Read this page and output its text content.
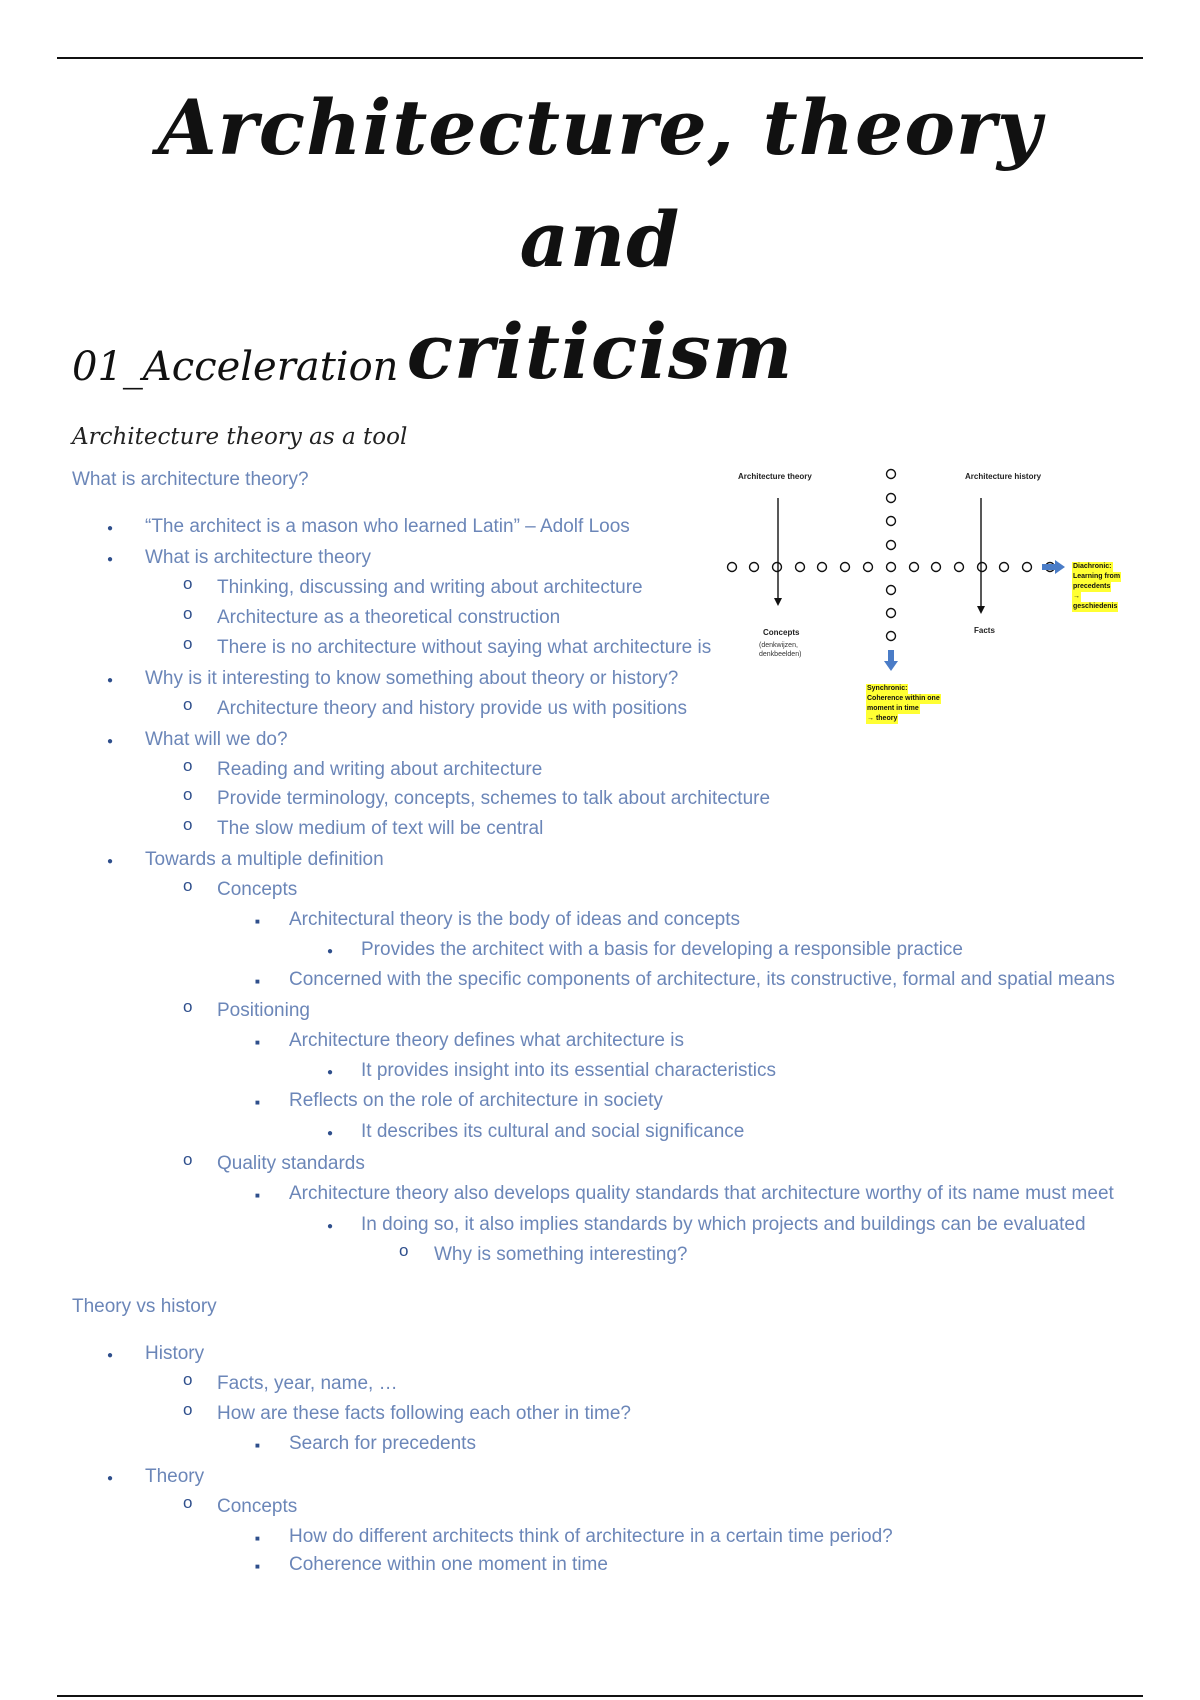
Architecture, theory and
criticism
01_Acceleration
Architecture theory as a tool
What is architecture theory?
●
“The architect is a mason who learned Latin” – Adolf Loos
●
What is architecture theory
o
Thinking, discussing and writing about architecture
o
Architecture as a theoretical construction
o
There is no architecture without saying what architecture is
●
Why is it interesting to know something about theory or history?
o
Architecture theory and history provide us with positions
●
What will we do?
o
Reading and writing about architecture
o
Provide terminology, concepts, schemes to talk about architecture
o
The slow medium of text will be central
●
Towards a multiple definition
o
Concepts
■
Architectural theory is the body of ideas and concepts
●
Provides the architect with a basis for developing a responsible practice
■
Concerned with the specific components of architecture, its constructive, formal and spatial means
o
Positioning
■
Architecture theory defines what architecture is
●
It provides insight into its essential characteristics
■
Reflects on the role of architecture in society
●
It describes its cultural and social significance
o
Quality standards
■
Architecture theory also develops quality standards that architecture worthy of its name must meet
●
In doing so, it also implies standards by which projects and buildings can be evaluated
o
Why is something interesting?
Theory vs history
●
History
o
Facts, year, name, …
o
How are these facts following each other in time?
■
Search for precedents
●
Theory
o
Concepts
■
How do different architects think of architecture in a certain time period?
■
Coherence within one moment in time
Architecture theory	Architecture history
Concepts
(denkwijzen,
denkbeelden)
Facts
Diachronic:
Learning from
precedents
→
geschiedenis
Synchronic:
Coherence within one
moment in time
→ theory
